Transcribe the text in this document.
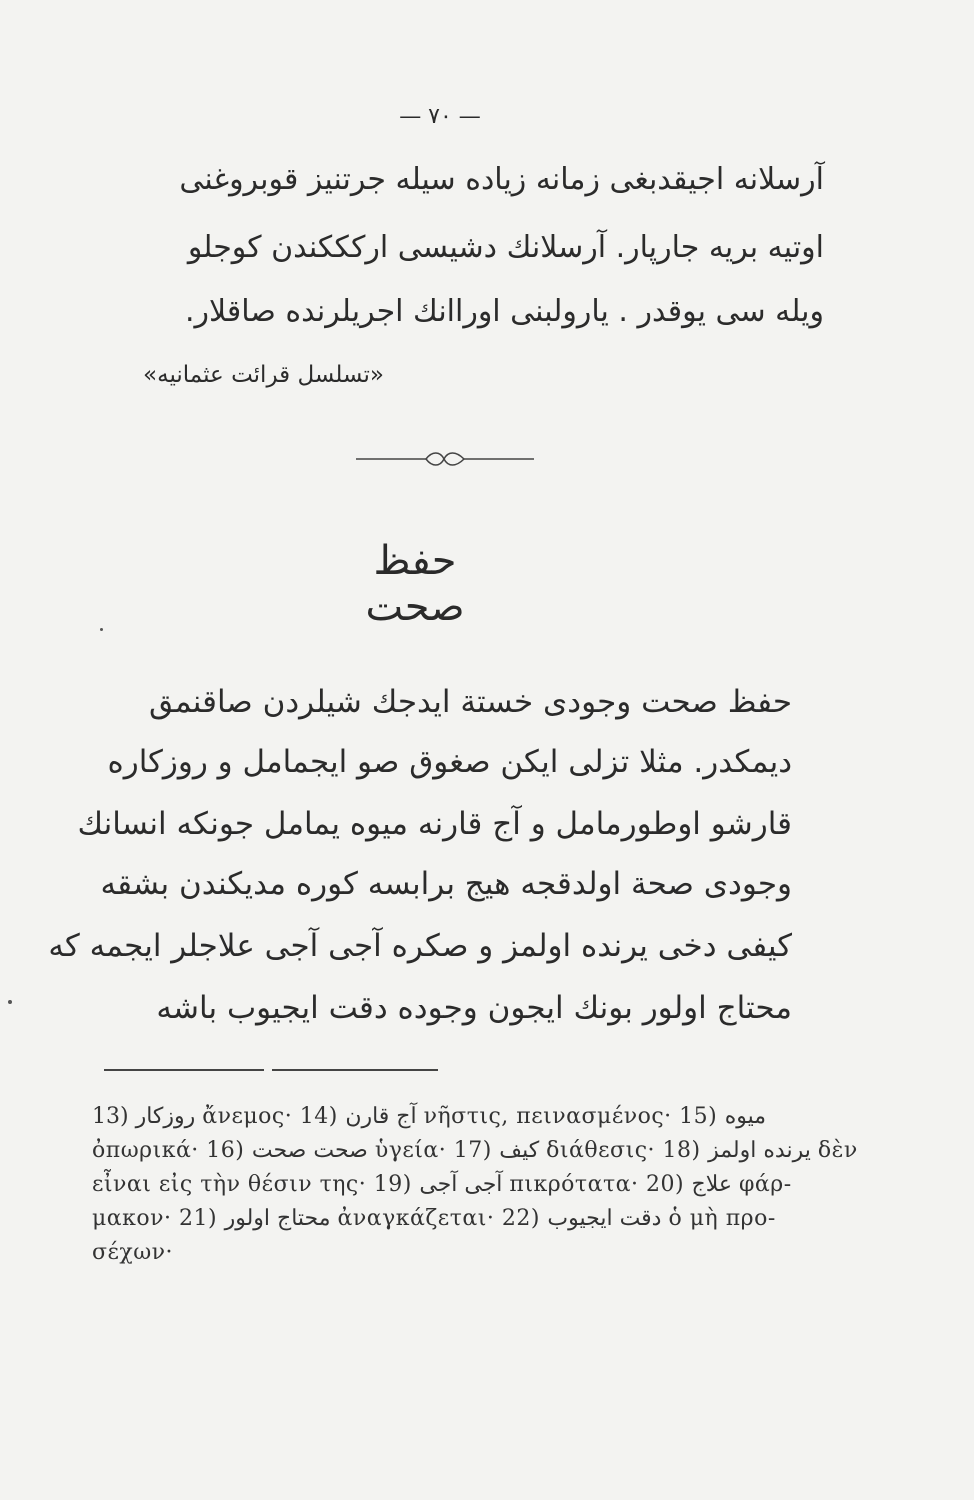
— ۷۰ —
آرسلانه اجيقدبغى زمانه زياده سيله جرتنيز قوبروغنى
اوتيه بريه جارپار. آرسلانك دشيسى اركككندن كوجلو
ويله سى يوقدر . يارولبنى اوراانك اجريلرنده صاقلار.
«تسلسل قرائت عثمانيه»
حفظ صحت
حفظ صحت وجودى خستة ايدجك شيلردن صاقنمق
ديمكدر. مثلا تزلى ايكن صغوق صو ايجمامل و روزكاره
قارشو اوطورمامل و آج قارنه ميوه يمامل جونكه انسانك
وجودى صحة اولدقجه هيج برابسه كوره مديكندن بشقه
كيفى دخى يرنده اولمز و صكره آجى آجى علاجلر ايجمه كه
محتاج اولور بونك ايجون وجوده دقت ايجيوب باشه
13) روزكار ἄνεμος· 14) آج قارن νῆστις, πεινασμένος· 15) ميوه
ὀπωρικά· 16) صحت صحت ὑγεία· 17) كيف διάθεσις· 18) يرنده اولمز δὲν
εἶναι εἰς τὴν θέσιν της· 19) آجى آجى πικρότατα· 20) علاج φάρ-
μακον· 21) محتاج اولور ἀναγκάζεται· 22) دقت ايجيوب ὁ μὴ προ-
σέχων·
